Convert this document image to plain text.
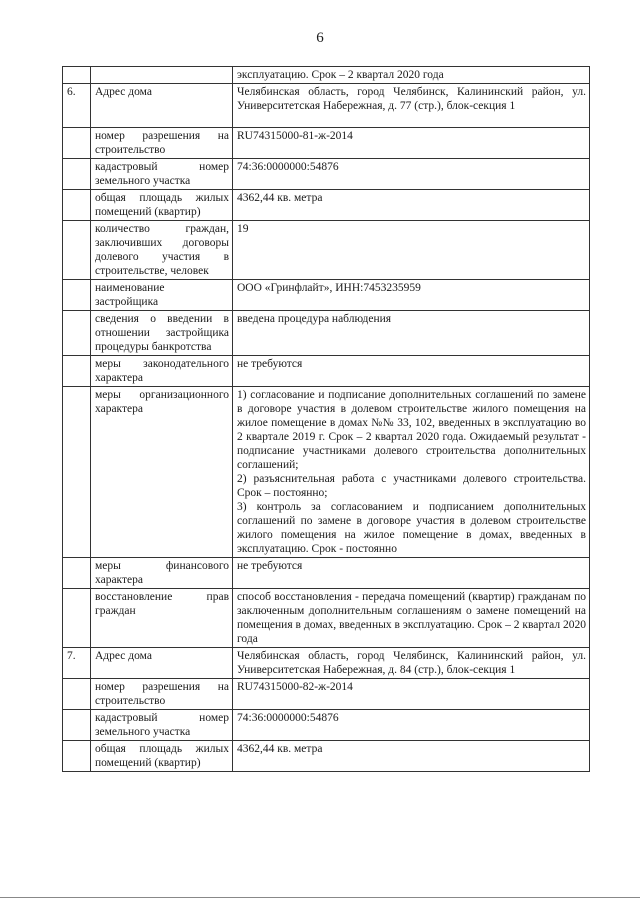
6
		эксплуатацию. Срок – 2 квартал 2020 года
6.	Адрес дома	Челябинская область, город Челябинск, Калининский район, ул. Университетская Набережная, д. 77 (стр.), блок-секция 1
	номер разрешения на строительство	RU74315000-81-ж-2014
	кадастровый номер земельного участка	74:36:0000000:54876
	общая площадь жилых помещений (квартир)	4362,44 кв. метра
	количество граждан, заключивших договоры долевого участия в строительстве, человек	19
	наименование застройщика	ООО «Гринфлайт», ИНН:7453235959
	сведения о введении в отношении застройщика процедуры банкротства	введена процедура наблюдения
	меры законодательного характера	не требуются
	меры организационного характера	1) согласование и подписание дополнительных соглашений по замене в договоре участия в долевом строительстве жилого помещения на жилое помещение в домах №№ 33, 102, введенных в эксплуатацию во 2 квартале 2019 г. Срок – 2 квартал 2020 года. Ожидаемый результат - подписание участниками долевого строительства дополнительных соглашений;
2) разъяснительная работа с участниками долевого строительства. Срок – постоянно;
3) контроль за согласованием и подписанием дополнительных соглашений по замене в договоре участия в долевом строительстве жилого помещения на жилое помещение в домах, введенных в эксплуатацию. Срок - постоянно

	меры финансового характера	не требуются
	восстановление прав граждан	способ восстановления - передача помещений (квартир) гражданам по заключенным дополнительным соглашениям о замене помещений на помещения в домах, введенных в эксплуатацию. Срок – 2 квартал 2020 года
7.	Адрес дома	Челябинская область, город Челябинск, Калининский район, ул. Университетская Набережная, д. 84 (стр.), блок-секция 1
	номер разрешения на строительство	RU74315000-82-ж-2014
	кадастровый номер земельного участка	74:36:0000000:54876
	общая площадь жилых помещений (квартир)	4362,44 кв. метра
